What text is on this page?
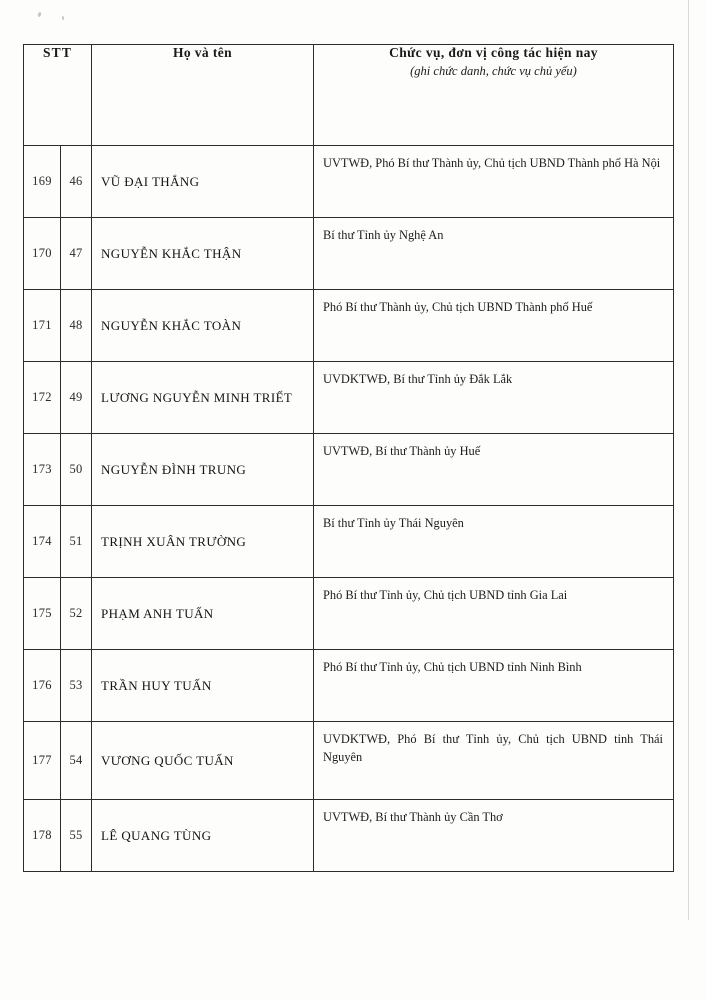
STT		Họ và tên	Chức vụ, đơn vị công tác hiện nay
(ghi chức danh, chức vụ chủ yếu)

169	46	VŨ ĐẠI THẮNG	UVTWĐ, Phó Bí thư Thành ủy, Chủ tịch UBND Thành phố Hà Nội
170	47	NGUYỄN KHẮC THẬN	Bí thư Tỉnh ủy Nghệ An
171	48	NGUYỄN KHẮC TOÀN	Phó Bí thư Thành ủy, Chủ tịch UBND Thành phố Huế
172	49	LƯƠNG NGUYỄN MINH TRIẾT	UVDKTWĐ, Bí thư Tỉnh ủy Đắk Lắk
173	50	NGUYỄN ĐÌNH TRUNG	UVTWĐ, Bí thư Thành ủy Huế
174	51	TRỊNH XUÂN TRƯỜNG	Bí thư Tỉnh ủy Thái Nguyên
175	52	PHẠM ANH TUẤN	Phó Bí thư Tỉnh ủy, Chủ tịch UBND tỉnh Gia Lai
176	53	TRẦN HUY TUẤN	Phó Bí thư Tỉnh ủy, Chủ tịch UBND tỉnh Ninh Bình
177	54	VƯƠNG QUỐC TUẤN	UVDKTWĐ, Phó Bí thư Tỉnh ủy, Chủ tịch UBND tỉnh Thái Nguyên
178	55	LÊ QUANG TÙNG	UVTWĐ, Bí thư Thành ủy Cần Thơ
